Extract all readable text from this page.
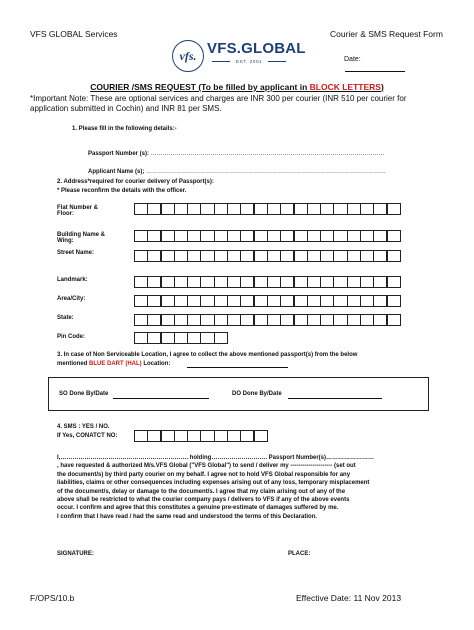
VFS GLOBAL Services	Courier & SMS Request Form
vfs. VFS.GLOBAL
EST. 2001	Date:
COURIER /SMS REQUEST (To be filled by applicant in BLOCK LETTERS)
*Important Note: These are optional services and charges are INR 300 per courier (INR 510 per courier for application submitted in Cochin) and INR 81 per SMS.
1. Please fill in the following details:-
Passport Number (s): ………………………………………………………………………………………………………
Applicant Name (s); …………………………………………………………………………………………………………
2. Address*required for courier delivery of Passport(s):
* Please reconfirm the details with the officer.
Flat Number &
Floor:
Building Name &
Wing:
Street Name:
Landmark:
Area/City:
State:
Pin Code:
3. In case of Non Serviceable Location, I agree to collect the above mentioned passport(s) from the below
mentioned BLUE DART (HAL) Location:
SO Done By/Date	DO Done By/Date
4. SMS : YES / NO.
If Yes, CONATCT NO:
I,………………………………………………………. holding………………………. Passport Number(s)……………………
, have requested & authorized M/s.VFS Global ("VFS Global") to send / deliver my --------------------- (set out
the document/s) by third party courier on my behalf. I agree not to hold VFS Global responsible for any
liabilities, claims or other consequences including expenses arising out of any loss, temporary misplacement
of the document/s, delay or damage to the document/s. I agree that my claim arising out of any of the
above shall be restricted to what the courier company pays / delivers to VFS if any of the above events
occur. I confirm and agree that this constitutes a genuine pre-estimate of damages suffered by me.
I confirm that I have read / had the same read and understood the terms of this Declaration.
SIGNATURE:	PLACE:
F/OPS/10.b	Effective Date: 11 Nov 2013
